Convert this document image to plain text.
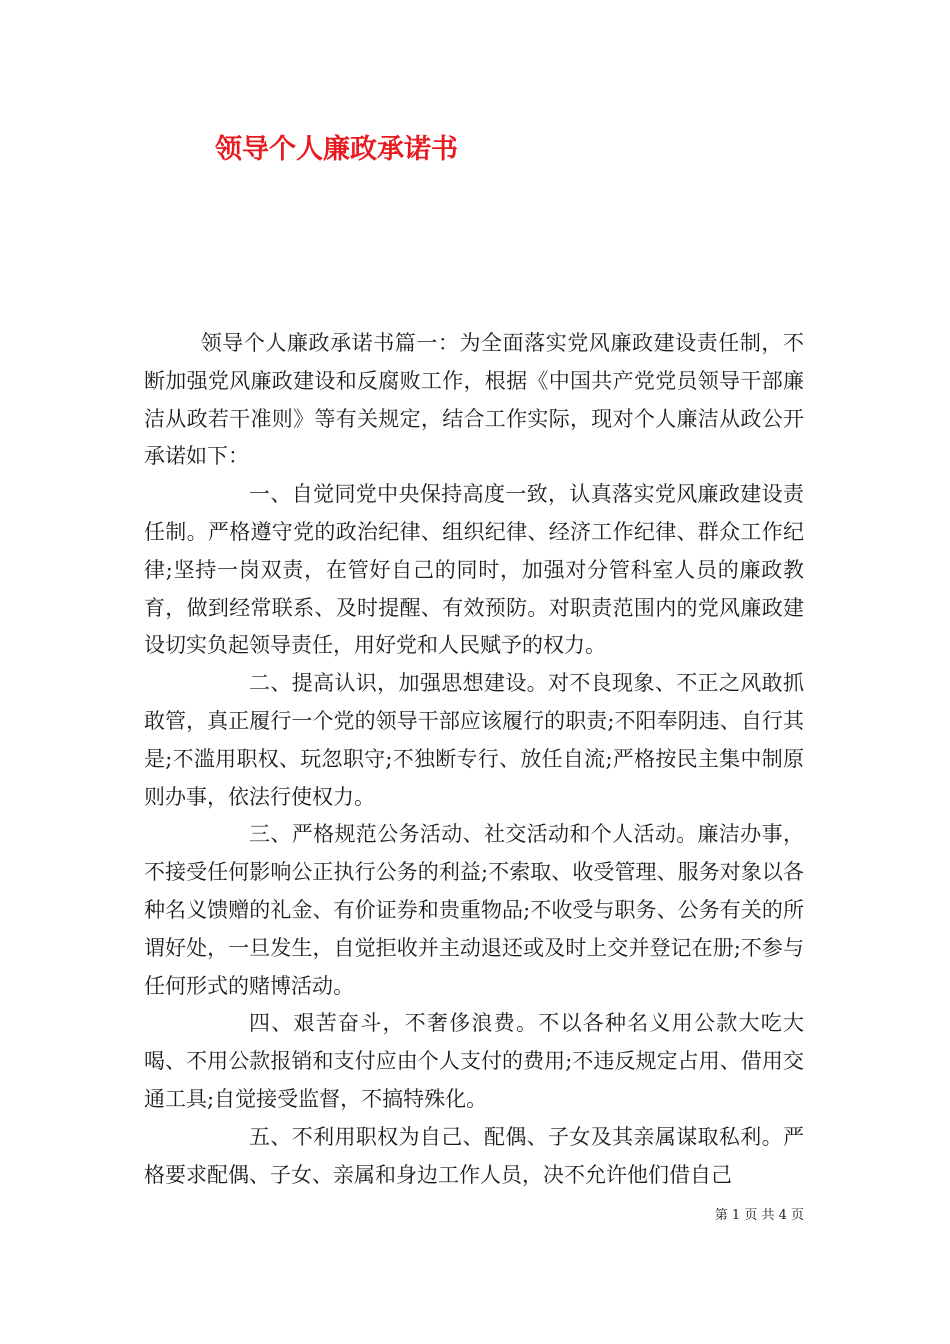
领导个人廉政承诺书

领导个人廉政承诺书篇一：为全面落实党风廉政建设责任制，不断加强党风廉政建设和反腐败工作，根据《中国共产党党员领导干部廉洁从政若干准则》等有关规定，结合工作实际，现对个人廉洁从政公开承诺如下：

一、自觉同党中央保持高度一致，认真落实党风廉政建设责任制。严格遵守党的政治纪律、组织纪律、经济工作纪律、群众工作纪律;坚持一岗双责，在管好自己的同时，加强对分管科室人员的廉政教育，做到经常联系、及时提醒、有效预防。对职责范围内的党风廉政建设切实负起领导责任，用好党和人民赋予的权力。

二、提高认识，加强思想建设。对不良现象、不正之风敢抓敢管，真正履行一个党的领导干部应该履行的职责;不阳奉阴违、自行其是;不滥用职权、玩忽职守;不独断专行、放任自流;严格按民主集中制原则办事，依法行使权力。

三、严格规范公务活动、社交活动和个人活动。廉洁办事，不接受任何影响公正执行公务的利益;不索取、收受管理、服务对象以各种名义馈赠的礼金、有价证券和贵重物品;不收受与职务、公务有关的所谓好处，一旦发生，自觉拒收并主动退还或及时上交并登记在册;不参与任何形式的赌博活动。

四、艰苦奋斗，不奢侈浪费。不以各种名义用公款大吃大喝、不用公款报销和支付应由个人支付的费用;不违反规定占用、借用交通工具;自觉接受监督，不搞特殊化。

五、不利用职权为自己、配偶、子女及其亲属谋取私利。严格要求配偶、子女、亲属和身边工作人员，决不允许他们借自己

第 1 页 共 4 页
